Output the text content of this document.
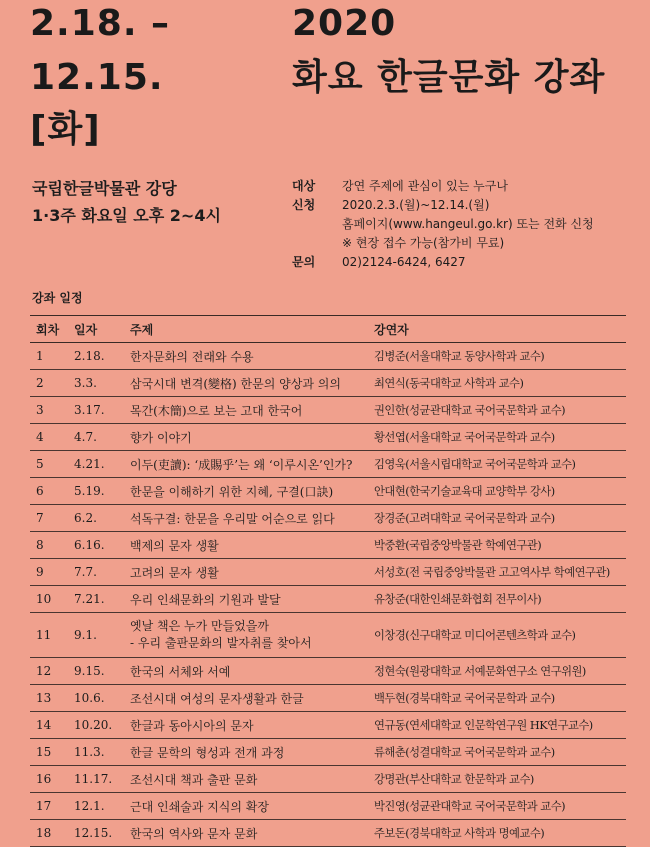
2.18. –
12.15.
[화]
2020
화요 한글문화 강좌
국립한글박물관 강당
1·3주 화요일 오후 2~4시
대상	강연 주제에 관심이 있는 누구나
신청	2020.2.3.(월)~12.14.(월)
홈페이지(www.hangeul.go.kr) 또는 전화 신청
※ 현장 접수 가능(참가비 무료)
문의	02)2124-6424, 6427
강좌 일정
회차	일자	주제	강연자
1	2.18.	한자문화의 전래와 수용	김병준(서울대학교 동양사학과 교수)
2	3.3.	삼국시대 변격(變格) 한문의 양상과 의의	최연식(동국대학교 사학과 교수)
3	3.17.	목간(木簡)으로 보는 고대 한국어	권인한(성균관대학교 국어국문학과 교수)
4	4.7.	향가 이야기	황선엽(서울대학교 국어국문학과 교수)
5	4.21.	이두(吏讀): ‘成賜乎’는 왜 ‘이루시온’인가?	김영욱(서울시립대학교 국어국문학과 교수)
6	5.19.	한문을 이해하기 위한 지혜, 구결(口訣)	안대현(한국기술교육대 교양학부 강사)
7	6.2.	석독구결: 한문을 우리말 어순으로 읽다	장경준(고려대학교 국어국문학과 교수)
8	6.16.	백제의 문자 생활	박중환(국립중앙박물관 학예연구관)
9	7.7.	고려의 문자 생활	서성호(전 국립중앙박물관 고고역사부 학예연구관)
10	7.21.	우리 인쇄문화의 기원과 발달	유창준(대한인쇄문화협회 전무이사)
11	9.1.	옛날 책은 누가 만들었을까
- 우리 출판문화의 발자취를 찾아서	이창경(신구대학교 미디어콘텐츠학과 교수)
12	9.15.	한국의 서체와 서예	정현숙(원광대학교 서예문화연구소 연구위원)
13	10.6.	조선시대 여성의 문자생활과 한글	백두현(경북대학교 국어국문학과 교수)
14	10.20.	한글과 동아시아의 문자	연규동(연세대학교 인문학연구원 HK연구교수)
15	11.3.	한글 문학의 형성과 전개 과정	류해춘(성결대학교 국어국문학과 교수)
16	11.17.	조선시대 책과 출판 문화	강명관(부산대학교 한문학과 교수)
17	12.1.	근대 인쇄술과 지식의 확장	박진영(성균관대학교 국어국문학과 교수)
18	12.15.	한국의 역사와 문자 문화	주보돈(경북대학교 사학과 명예교수)
